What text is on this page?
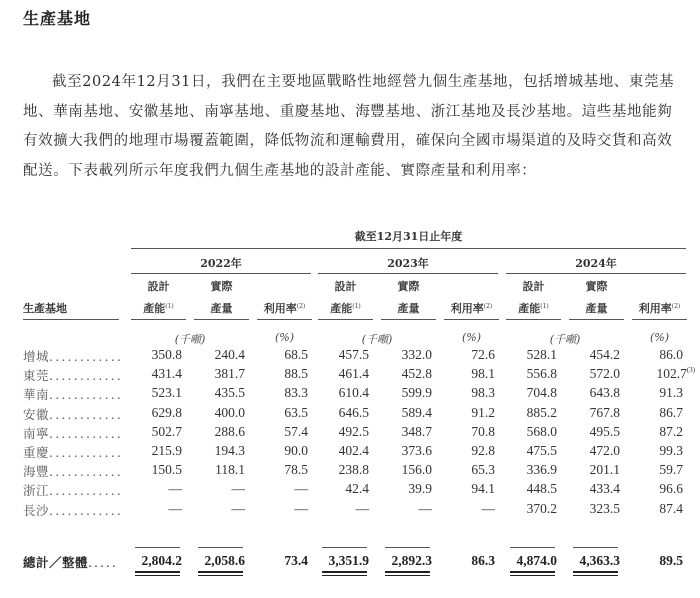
生產基地

截至2024年12月31日，我們在主要地區戰略性地經營九個生產基地，包括增城基地、東莞基地、華南基地、安徽基地、南寧基地、重慶基地、海豐基地、浙江基地及長沙基地。這些基地能夠有效擴大我們的地理市場覆蓋範圍，降低物流和運輸費用，確保向全國市場渠道的及時交貨和高效配送。下表載列所示年度我們九個生產基地的設計產能、實際產量和利用率：

截至12月31日止年度
生產基地
2022年	2023年	2024年
設計
產能$^{(1)}$
實際
產量	利用率$^{(2)}$
設計
產能$^{(1)}$
實際
產量	利用率$^{(2)}$
設計
產能$^{(1)}$
實際
產量	利用率$^{(2)}$
(千噸)	(%)	(千噸)	(%)	(千噸)	(%)
增城............	350.8	240.4	68.5	457.5	332.0	72.6	528.1	454.2	86.0
東莞............	431.4	381.7	88.5	461.4	452.8	98.1	556.8	572.0	102.7$^{(3)}$
華南............	523.1	435.5	83.3	610.4	599.9	98.3	704.8	643.8	91.3
安徽............	629.8	400.0	63.5	646.5	589.4	91.2	885.2	767.8	86.7
南寧............	502.7	288.6	57.4	492.5	348.7	70.8	568.0	495.5	87.2
重慶............	215.9	194.3	90.0	402.4	373.6	92.8	475.5	472.0	99.3
海豐............	150.5	118.1	78.5	238.8	156.0	65.3	336.9	201.1	59.7
浙江............	—	—	—	42.4	39.9	94.1	448.5	433.4	96.6
長沙............	—	—	—	—	—	—	370.2	323.5	87.4
總計／整體.....	2,804.2	2,058.6	73.4	3,351.9	2,892.3	86.3	4,874.0	4,363.3	89.5
